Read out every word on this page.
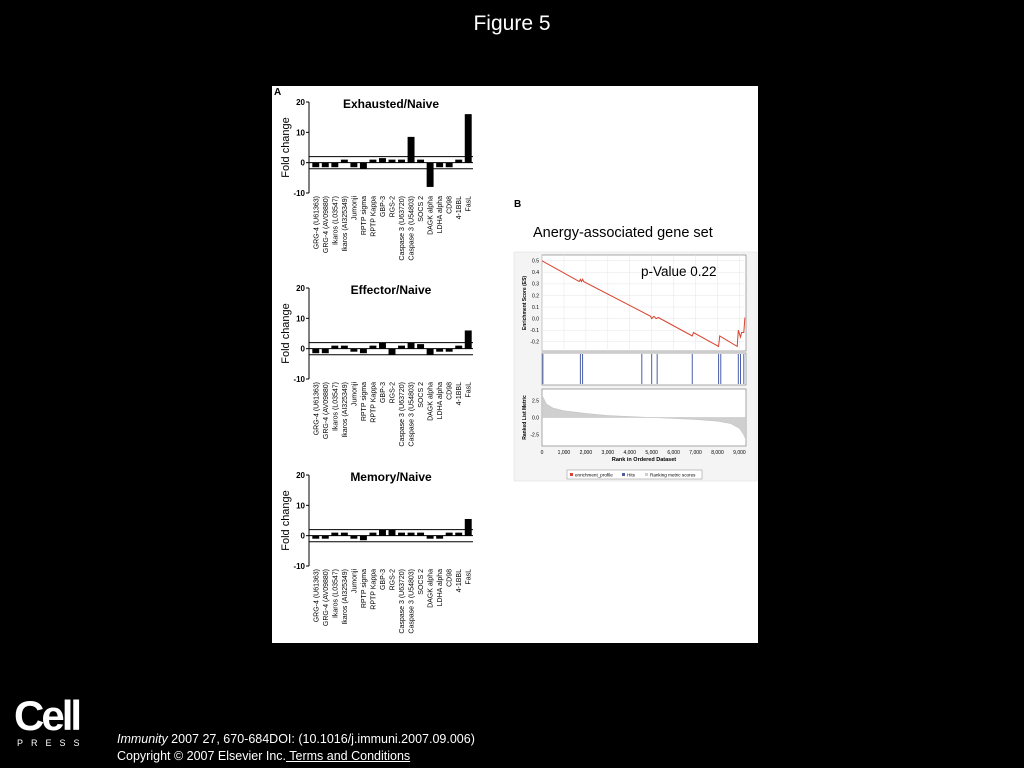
Figure 5
A
B
20
10
0
-10
Fold change
Exhausted/Naive
GRG-4 (U61363) GRG-4 (AV09880) Ikaros (L03547) Ikaros (AI325349) Jumonji RPTP sigma RPTP Kappa GBP-3 RGS-2 Caspase 3 (U63720) Caspase 3 (U54803) SOCS 2 DAGK alpha LDHA alpha CD98 4-1BBL FasL
20
10
0
-10
Fold change
Effector/Naive
GRG-4 (U61363) GRG-4 (AV09880) Ikaros (L03547) Ikaros (AI325349) Jumonji RPTP sigma RPTP Kappa GBP-3 RGS-2 Caspase 3 (U63720) Caspase 3 (U54803) SOCS 2 DAGK alpha LDHA alpha CD98 4-1BBL FasL
20
10
0
-10
Fold change
Memory/Naive
GRG-4 (U61363) GRG-4 (AV09880) Ikaros (L03547) Ikaros (AI325349) Jumonji RPTP sigma RPTP Kappa GBP-3 RGS-2 Caspase 3 (U63720) Caspase 3 (U54803) SOCS 2 DAGK alpha LDHA alpha CD98 4-1BBL FasL
Anergy-associated gene set
0.5
0.4
0.3
0.2
0.1
0.0
-0.1
-0.2
p-Value 0.22
Enrichment Score (ES)
2.5
0.0
-2.5
Ranked List Metric
0	1,000 2,000 3,000 4,000 5,000 6,000 7,000 8,000 9,000
Rank in Ordered Dataset
enrichment_profile	Hits	Ranking metric scores
Cell
PRESS Immunity 2007 27, 670-684DOI: (10.1016/j.immuni.2007.09.006)
Copyright © 2007 Elsevier Inc. Terms and Conditions
